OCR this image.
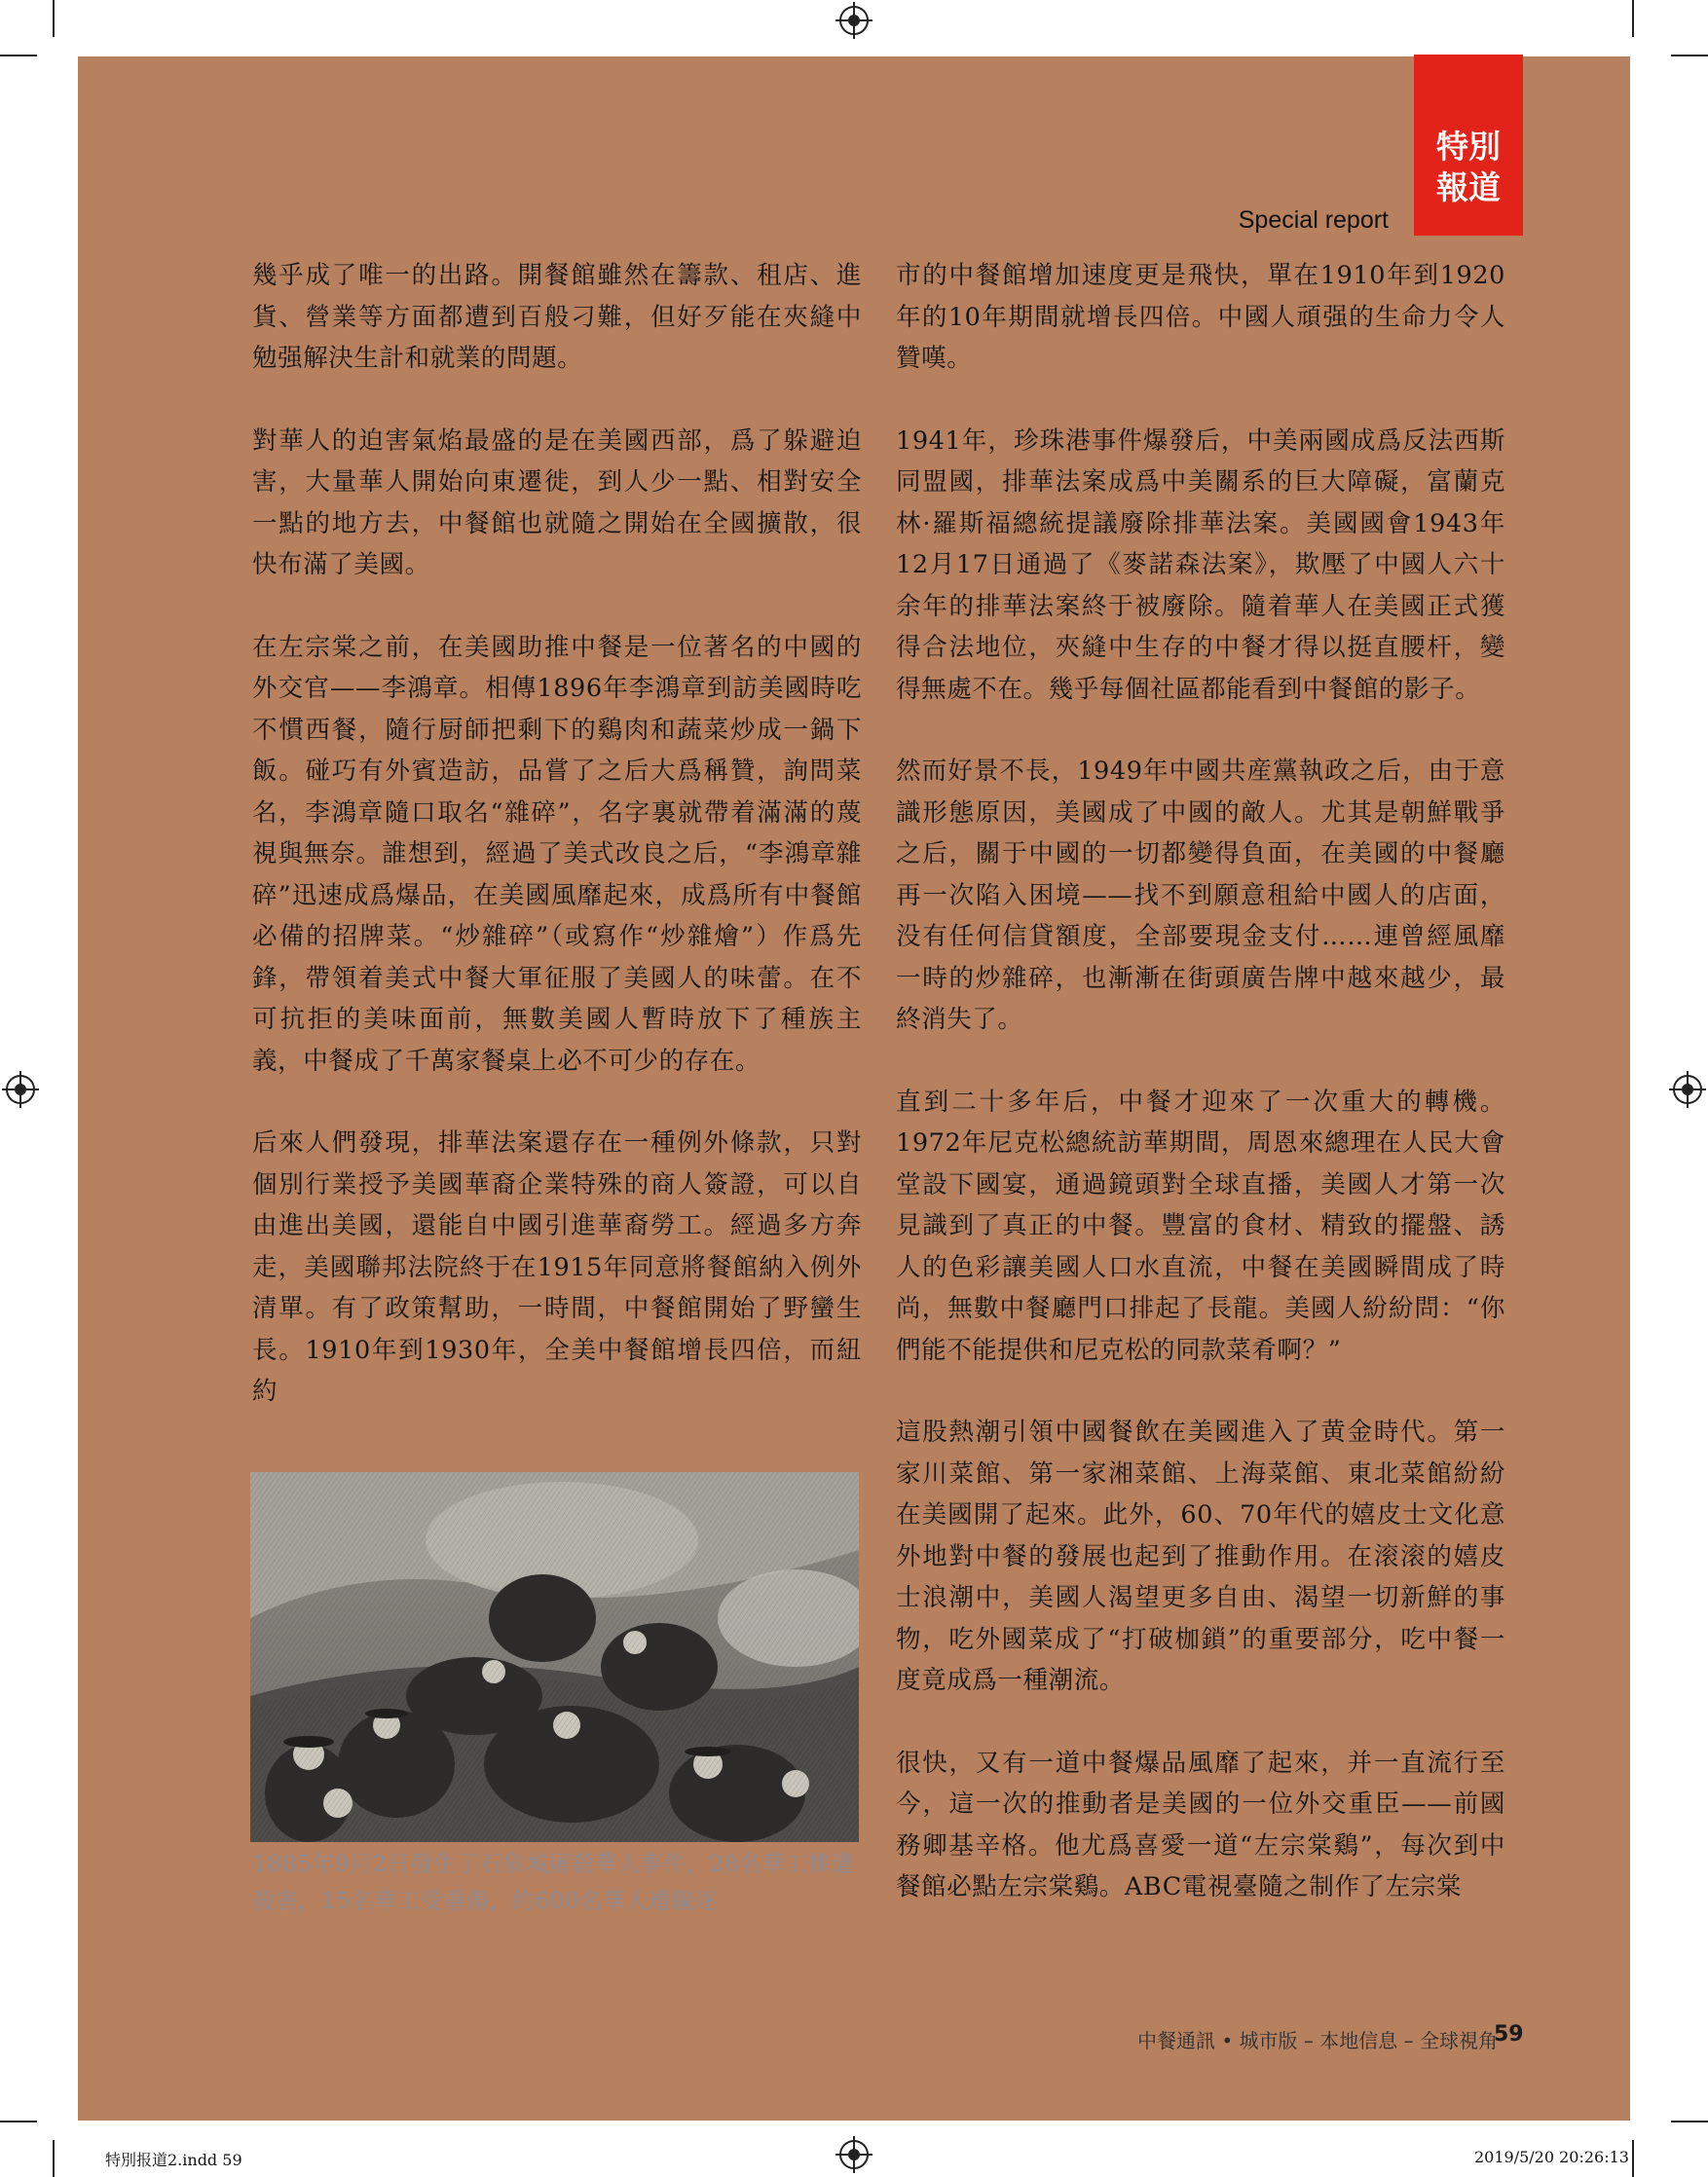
特別
報道
Special report

幾乎成了唯一的出路。開餐館雖然在籌款、租店、進貨、營業等方面都遭到百般刁難，但好歹能在夾縫中勉强解決生計和就業的問題。

對華人的迫害氣焰最盛的是在美國西部，爲了躲避迫害，大量華人開始向東遷徙，到人少一點、相對安全一點的地方去，中餐館也就隨之開始在全國擴散，很快布滿了美國。

在左宗棠之前，在美國助推中餐是一位著名的中國的外交官——李鴻章。相傳1896年李鴻章到訪美國時吃不慣西餐，隨行厨師把剩下的鷄肉和蔬菜炒成一鍋下飯。碰巧有外賓造訪，品嘗了之后大爲稱贊，詢問菜名，李鴻章隨口取名“雜碎”，名字裏就帶着滿滿的蔑視與無奈。誰想到，經過了美式改良之后，“李鴻章雜碎”迅速成爲爆品，在美國風靡起來，成爲所有中餐館必備的招牌菜。“炒雜碎”（或寫作“炒雜燴”）作爲先鋒，帶領着美式中餐大軍征服了美國人的味蕾。在不可抗拒的美味面前，無數美國人暫時放下了種族主義，中餐成了千萬家餐桌上必不可少的存在。

后來人們發現，排華法案還存在一種例外條款，只對個別行業授予美國華裔企業特殊的商人簽證，可以自由進出美國，還能自中國引進華裔勞工。經過多方奔走，美國聯邦法院終于在1915年同意將餐館納入例外清單。有了政策幫助，一時間，中餐館開始了野蠻生長。1910年到1930年，全美中餐館增長四倍，而紐約

市的中餐館增加速度更是飛快，單在1910年到1920年的10年期間就增長四倍。中國人頑强的生命力令人贊嘆。

1941年，珍珠港事件爆發后，中美兩國成爲反法西斯同盟國，排華法案成爲中美關系的巨大障礙，富蘭克林·羅斯福總統提議廢除排華法案。美國國會1943年12月17日通過了《麥諾森法案》，欺壓了中國人六十余年的排華法案終于被廢除。隨着華人在美國正式獲得合法地位，夾縫中生存的中餐才得以挺直腰杆，變得無處不在。幾乎每個社區都能看到中餐館的影子。

然而好景不長，1949年中國共産黨執政之后，由于意識形態原因，美國成了中國的敵人。尤其是朝鮮戰爭之后，關于中國的一切都變得負面，在美國的中餐廳再一次陷入困境——找不到願意租給中國人的店面，没有任何信貸額度，全部要現金支付……連曾經風靡一時的炒雜碎，也漸漸在街頭廣告牌中越來越少，最終消失了。

直到二十多年后，中餐才迎來了一次重大的轉機。1972年尼克松總統訪華期間，周恩來總理在人民大會堂設下國宴，通過鏡頭對全球直播，美國人才第一次見識到了真正的中餐。豐富的食材、精致的擺盤、誘人的色彩讓美國人口水直流，中餐在美國瞬間成了時尚，無數中餐廳門口排起了長龍。美國人紛紛問：“你們能不能提供和尼克松的同款菜肴啊？”

這股熱潮引領中國餐飲在美國進入了黄金時代。第一家川菜館、第一家湘菜館、上海菜館、東北菜館紛紛在美國開了起來。此外，60、70年代的嬉皮士文化意外地對中餐的發展也起到了推動作用。在滚滚的嬉皮士浪潮中，美國人渴望更多自由、渴望一切新鮮的事物，吃外國菜成了“打破枷鎖”的重要部分，吃中餐一度竟成爲一種潮流。

很快，又有一道中餐爆品風靡了起來，并一直流行至今，這一次的推動者是美國的一位外交重臣——前國務卿基辛格。他尤爲喜愛一道“左宗棠鷄”，每次到中餐館必點左宗棠鷄。ABC電視臺隨之制作了左宗棠

1885年9月2日發生了石泉城屠殺華人事件，28名華工慘遭殺害，15名華工受重傷，約600名華人遭驅逐
中餐通訊 • 城市版 – 本地信息 – 全球視角
59
特別报道2.indd 59	2019/5/20 20:26:13
